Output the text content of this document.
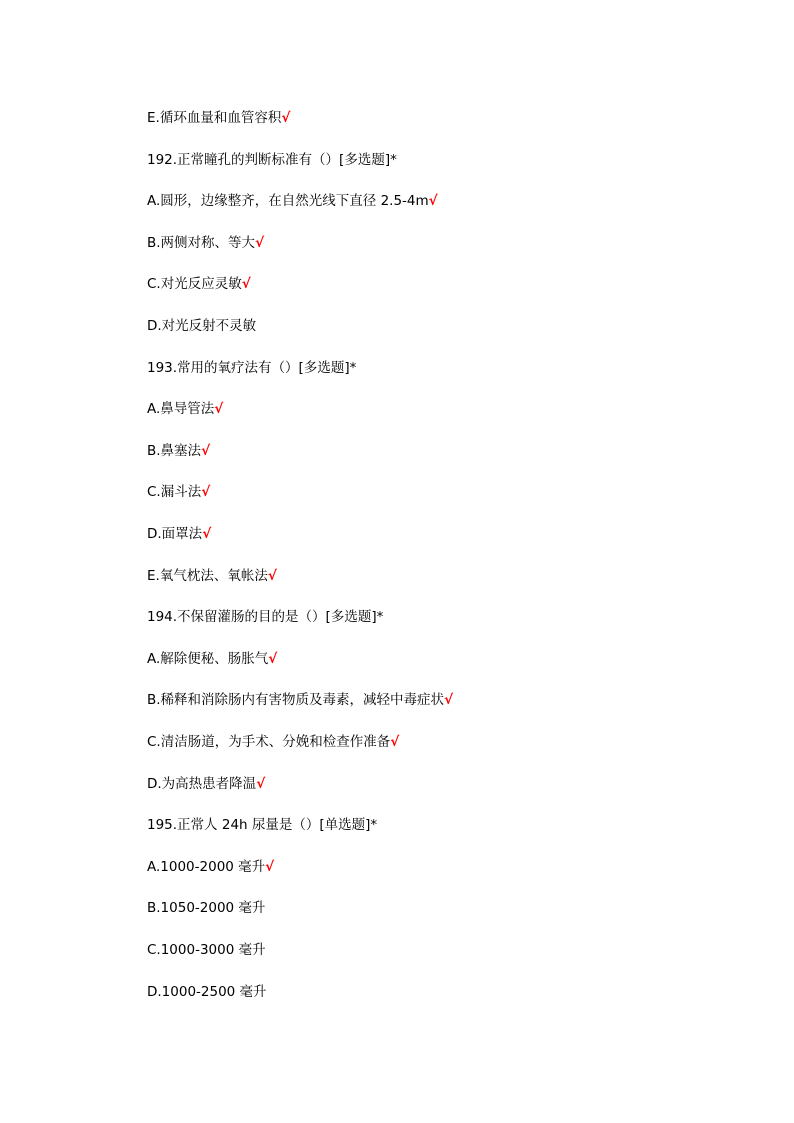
E.循环血量和血管容积√
192.正常瞳孔的判断标准有（）[多选题]*
A.圆形，边缘整齐，在自然光线下直径 2.5-4m√
B.两侧对称、等大√
C.对光反应灵敏√
D.对光反射不灵敏
193.常用的氧疗法有（）[多选题]*
A.鼻导管法√
B.鼻塞法√
C.漏斗法√
D.面罩法√
E.氧气枕法、氧帐法√
194.不保留灌肠的目的是（）[多选题]*
A.解除便秘、肠胀气√
B.稀释和消除肠内有害物质及毒素，减轻中毒症状√
C.清洁肠道，为手术、分娩和检查作准备√
D.为高热患者降温√
195.正常人 24h 尿量是（）[单选题]*
A.1000-2000 毫升√
B.1050-2000 毫升
C.1000-3000 毫升
D.1000-2500 毫升
